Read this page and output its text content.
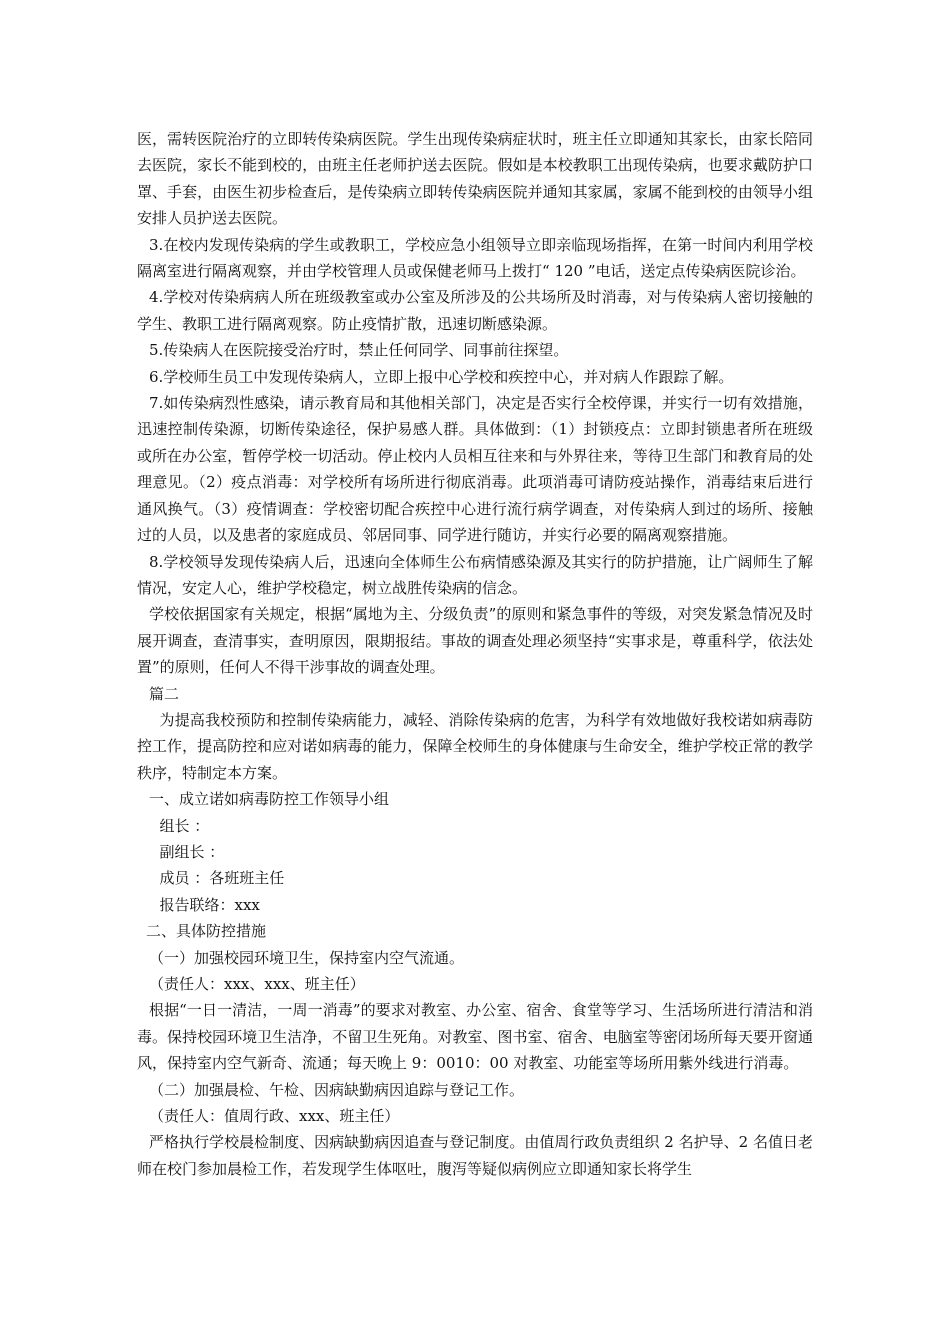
医，需转医院治疗的立即转传染病医院。学生出现传染病症状时，班主任立即通知其家长，由家长陪同去医院，家长不能到校的，由班主任老师护送去医院。假如是本校教职工出现传染病，也要求戴防护口罩、手套，由医生初步检查后，是传染病立即转传染病医院并通知其家属，家属不能到校的由领导小组安排人员护送去医院。

3.在校内发现传染病的学生或教职工，学校应急小组领导立即亲临现场指挥，在第一时间内利用学校隔离室进行隔离观察，并由学校管理人员或保健老师马上拨打“ 120 ”电话，送定点传染病医院诊治。

4.学校对传染病病人所在班级教室或办公室及所涉及的公共场所及时消毒，对与传染病人密切接触的学生、教职工进行隔离观察。防止疫情扩散，迅速切断感染源。

5.传染病人在医院接受治疗时，禁止任何同学、同事前往探望。

6.学校师生员工中发现传染病人，立即上报中心学校和疾控中心，并对病人作跟踪了解。

7.如传染病烈性感染，请示教育局和其他相关部门，决定是否实行全校停课，并实行一切有效措施，迅速控制传染源，切断传染途径，保护易感人群。具体做到：（1）封锁疫点：立即封锁患者所在班级或所在办公室，暂停学校一切活动。停止校内人员相互往来和与外界往来，等待卫生部门和教育局的处理意见。（2）疫点消毒：对学校所有场所进行彻底消毒。此项消毒可请防疫站操作，消毒结束后进行通风换气。（3）疫情调查：学校密切配合疾控中心进行流行病学调查，对传染病人到过的场所、接触过的人员，以及患者的家庭成员、邻居同事、同学进行随访，并实行必要的隔离观察措施。

8.学校领导发现传染病人后，迅速向全体师生公布病情感染源及其实行的防护措施，让广阔师生了解情况，安定人心，维护学校稳定，树立战胜传染病的信念。

学校依据国家有关规定，根据“属地为主、分级负责”的原则和紧急事件的等级，对突发紧急情况及时展开调查，查清事实，查明原因，限期报结。事故的调查处理必须坚持“实事求是，尊重科学，依法处置”的原则，任何人不得干涉事故的调查处理。

篇二

为提高我校预防和控制传染病能力，减轻、消除传染病的危害，为科学有效地做好我校诺如病毒防控工作，提高防控和应对诺如病毒的能力，保障全校师生的身体健康与生命安全，维护学校正常的教学秩序，特制定本方案。

一、成立诺如病毒防控工作领导小组

组长 ：

副组长 ：

成员 ：各班班主任

报告联络：xxx

二、具体防控措施

（一）加强校园环境卫生，保持室内空气流通。

（责任人：xxx、xxx、班主任）

根据“一日一清洁，一周一消毒”的要求对教室、办公室、宿舍、食堂等学习、生活场所进行清洁和消毒。保持校园环境卫生洁净，不留卫生死角。对教室、图书室、宿舍、电脑室等密闭场所每天要开窗通风，保持室内空气新奇、流通；每天晚上 9：0010：00 对教室、功能室等场所用紫外线进行消毒。

（二）加强晨检、午检、因病缺勤病因追踪与登记工作。

（责任人：值周行政、xxx、班主任）

严格执行学校晨检制度、因病缺勤病因追查与登记制度。由值周行政负责组织 2 名护导、2 名值日老师在校门参加晨检工作，若发现学生体呕吐，腹泻等疑似病例应立即通知家长将学生
